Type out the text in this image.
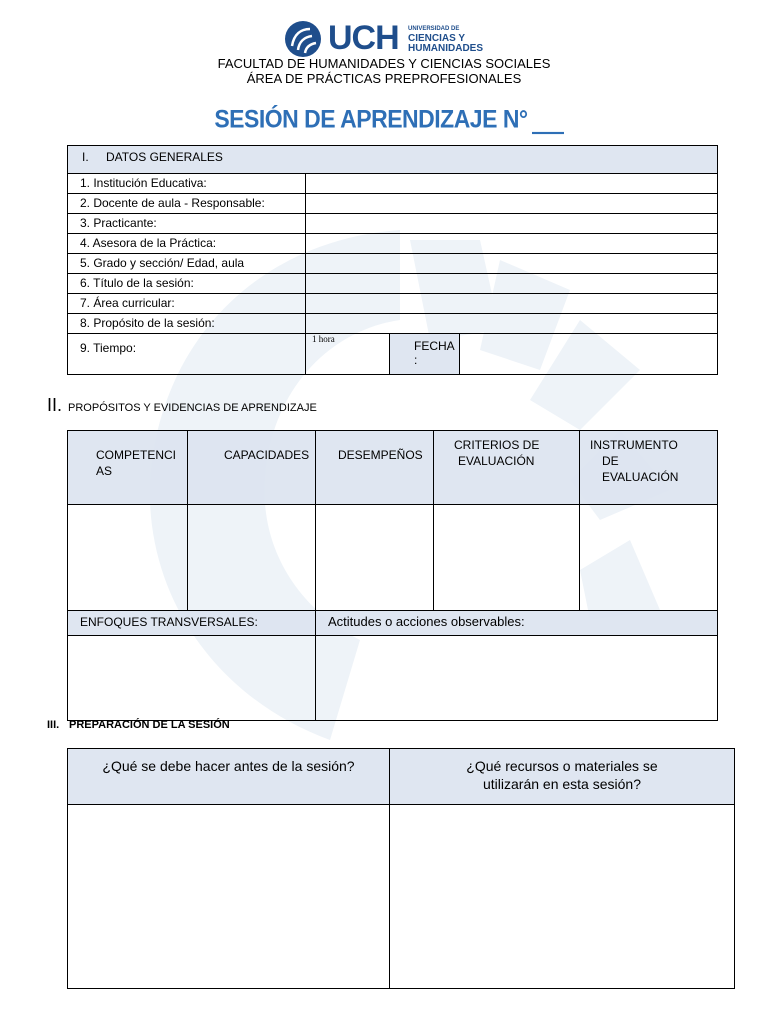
UCH UNIVERSIDAD DE
CIENCIAS Y
HUMANIDADES
FACULTAD DE HUMANIDADES Y CIENCIAS SOCIALES
ÁREA DE PRÁCTICAS PREPROFESIONALES
SESIÓN DE APRENDIZAJE N°
I. DATOS GENERALES			
1. Institución Educativa:			
2. Docente de aula - Responsable:			
3. Practicante:			
4. Asesora de la Práctica:			
5. Grado y sección/ Edad, aula			
6. Título de la sesión:			
7. Área curricular:			
8. Propósito de la sesión:			
9. Tiempo:	1 hora	FECHA
:	
II. PROPÓSITOS Y EVIDENCIAS DE APRENDIZAJE
COMPETENCI
AS	CAPACIDADES	DESEMPEÑOS	CRITERIOS DE
EVALUACIÓN	INSTRUMENTO
DE
EVALUACIÓN

ENFOQUES TRANSVERSALES:		Actitudes o acciones observables:		

III. PREPARACIÓN DE LA SESIÓN
¿Qué se debe hacer antes de la sesión?	¿Qué recursos o materiales se
utilizarán en esta sesión?
